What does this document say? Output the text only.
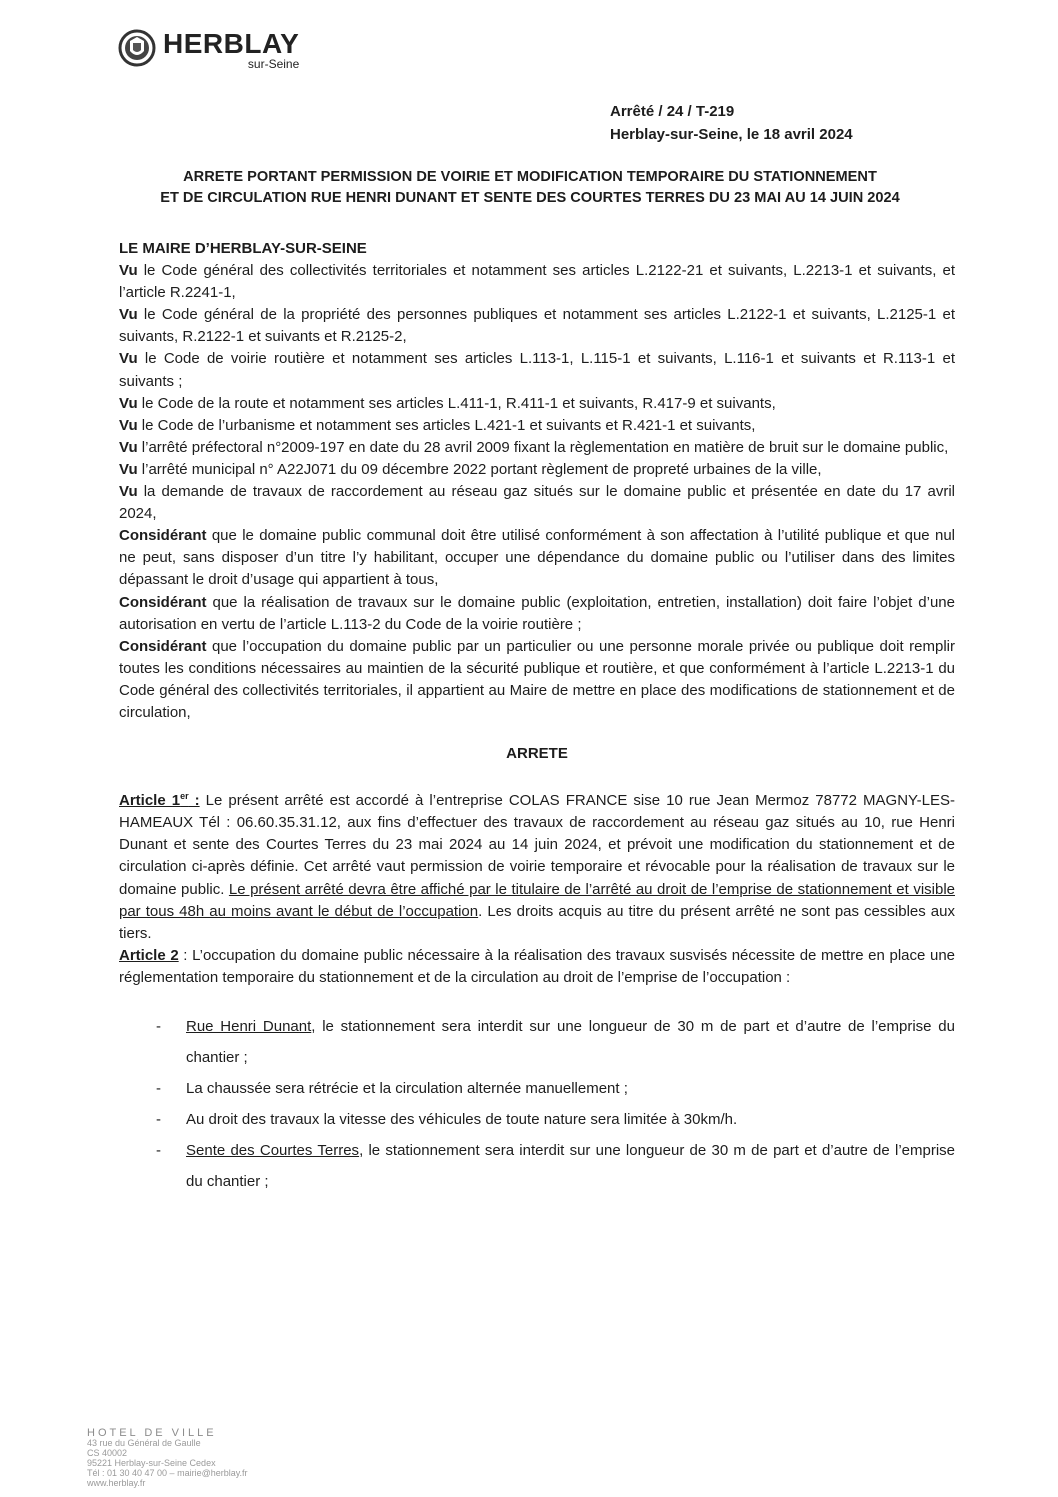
HERBLAY
sur-Seine
Arrêté / 24 / T-219
Herblay-sur-Seine, le 18 avril 2024
ARRETE PORTANT PERMISSION DE VOIRIE ET MODIFICATION TEMPORAIRE DU STATIONNEMENT
ET DE CIRCULATION RUE HENRI DUNANT ET SENTE DES COURTES TERRES DU 23 MAI AU 14 JUIN 2024

LE MAIRE D’HERBLAY-SUR-SEINE

Vu le Code général des collectivités territoriales et notamment ses articles L.2122-21 et suivants, L.2213-1 et suivants, et l’article R.2241-1,

Vu le Code général de la propriété des personnes publiques et notamment ses articles L.2122-1 et suivants, L.2125-1 et suivants, R.2122-1 et suivants et R.2125-2,

Vu le Code de voirie routière et notamment ses articles L.113-1, L.115-1 et suivants, L.116-1 et suivants et R.113-1 et suivants ;

Vu le Code de la route et notamment ses articles L.411-1, R.411-1 et suivants, R.417-9 et suivants,

Vu le Code de l’urbanisme et notamment ses articles L.421-1 et suivants et R.421-1 et suivants,

Vu l’arrêté préfectoral n°2009-197 en date du 28 avril 2009 fixant la règlementation en matière de bruit sur le domaine public,

Vu l’arrêté municipal n° A22J071 du 09 décembre 2022 portant règlement de propreté urbaines de la ville,

Vu la demande de travaux de raccordement au réseau gaz situés sur le domaine public et présentée en date du 17 avril 2024,

Considérant que le domaine public communal doit être utilisé conformément à son affectation à l’utilité publique et que nul ne peut, sans disposer d’un titre l’y habilitant, occuper une dépendance du domaine public ou l’utiliser dans des limites dépassant le droit d’usage qui appartient à tous,

Considérant que la réalisation de travaux sur le domaine public (exploitation, entretien, installation) doit faire l’objet d’une autorisation en vertu de l’article L.113-2 du Code de la voirie routière ;

Considérant que l’occupation du domaine public par un particulier ou une personne morale privée ou publique doit remplir toutes les conditions nécessaires au maintien de la sécurité publique et routière, et que conformément à l’article L.2213-1 du Code général des collectivités territoriales, il appartient au Maire de mettre en place des modifications de stationnement et de circulation,

ARRETE

Article 1er : Le présent arrêté est accordé à l’entreprise COLAS FRANCE sise 10 rue Jean Mermoz 78772 MAGNY-LES-HAMEAUX Tél : 06.60.35.31.12, aux fins d’effectuer des travaux de raccordement au réseau gaz situés au 10, rue Henri Dunant et sente des Courtes Terres du 23 mai 2024 au 14 juin 2024, et prévoit une modification du stationnement et de circulation ci-après définie. Cet arrêté vaut permission de voirie temporaire et révocable pour la réalisation de travaux sur le domaine public. Le présent arrêté devra être affiché par le titulaire de l’arrêté au droit de l’emprise de stationnement et visible par tous 48h au moins avant le début de l’occupation. Les droits acquis au titre du présent arrêté ne sont pas cessibles aux tiers.

Article 2 : L’occupation du domaine public nécessaire à la réalisation des travaux susvisés nécessite de mettre en place une réglementation temporaire du stationnement et de la circulation au droit de l’emprise de l’occupation :

- Rue Henri Dunant, le stationnement sera interdit sur une longueur de 30 m de part et d’autre de l’emprise du chantier ;
- La chaussée sera rétrécie et la circulation alternée manuellement ;
- Au droit des travaux la vitesse des véhicules de toute nature sera limitée à 30km/h.
- Sente des Courtes Terres, le stationnement sera interdit sur une longueur de 30 m de part et d’autre de l’emprise du chantier ;
HOTEL DE VILLE
43 rue du Général de Gaulle
CS 40002
95221 Herblay-sur-Seine Cedex
Tél : 01 30 40 47 00 – mairie@herblay.fr
www.herblay.fr
